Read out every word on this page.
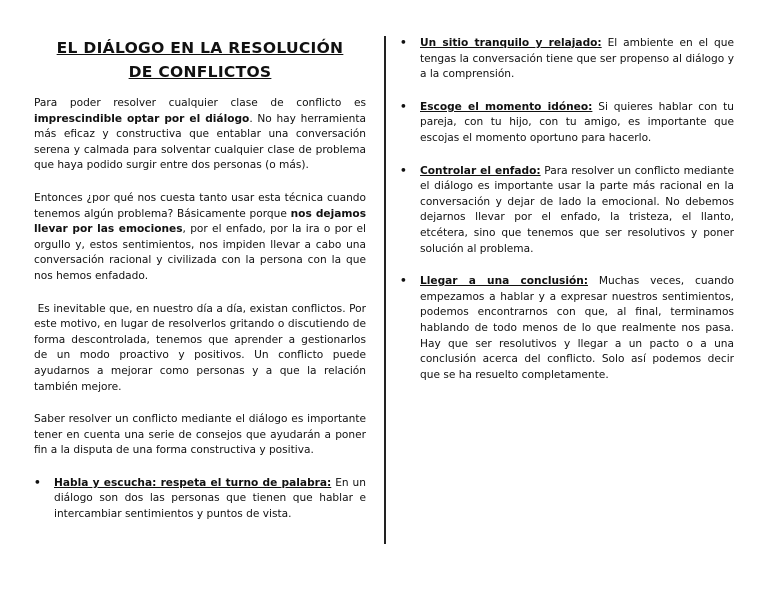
EL DIÁLOGO EN LA RESOLUCIÓN
DE CONFLICTOS

Para poder resolver cualquier clase de conflicto es imprescindible optar por el diálogo. No hay herramienta más eficaz y constructiva que entablar una conversación serena y calmada para solventar cualquier clase de problema que haya podido surgir entre dos personas (o más).

Entonces ¿por qué nos cuesta tanto usar esta técnica cuando tenemos algún problema? Básicamente porque nos dejamos llevar por las emociones, por el enfado, por la ira o por el orgullo y, estos sentimientos, nos impiden llevar a cabo una conversación racional y civilizada con la persona con la que nos hemos enfadado.

Es inevitable que, en nuestro día a día, existan conflictos. Por este motivo, en lugar de resolverlos gritando o discutiendo de forma descontrolada, tenemos que aprender a gestionarlos de un modo proactivo y positivos. Un conflicto puede ayudarnos a mejorar como personas y a que la relación también mejore.

Saber resolver un conflicto mediante el diálogo es importante tener en cuenta una serie de consejos que ayudarán a poner fin a la disputa de una forma constructiva y positiva.

• Habla y escucha: respeta el turno de palabra: En un diálogo son dos las personas que tienen que hablar e intercambiar sentimientos y puntos de vista.
• Un sitio tranquilo y relajado: El ambiente en el que tengas la conversación tiene que ser propenso al diálogo y a la comprensión.
• Escoge el momento idóneo: Si quieres hablar con tu pareja, con tu hijo, con tu amigo, es importante que escojas el momento oportuno para hacerlo.
• Controlar el enfado: Para resolver un conflicto mediante el diálogo es importante usar la parte más racional en la conversación y dejar de lado la emocional. No debemos dejarnos llevar por el enfado, la tristeza, el llanto, etcétera, sino que tenemos que ser resolutivos y poner solución al problema.
• Llegar a una conclusión: Muchas veces, cuando empezamos a hablar y a expresar nuestros sentimientos, podemos encontrarnos con que, al final, terminamos hablando de todo menos de lo que realmente nos pasa. Hay que ser resolutivos y llegar a un pacto o a una conclusión acerca del conflicto. Solo así podemos decir que se ha resuelto completamente.
